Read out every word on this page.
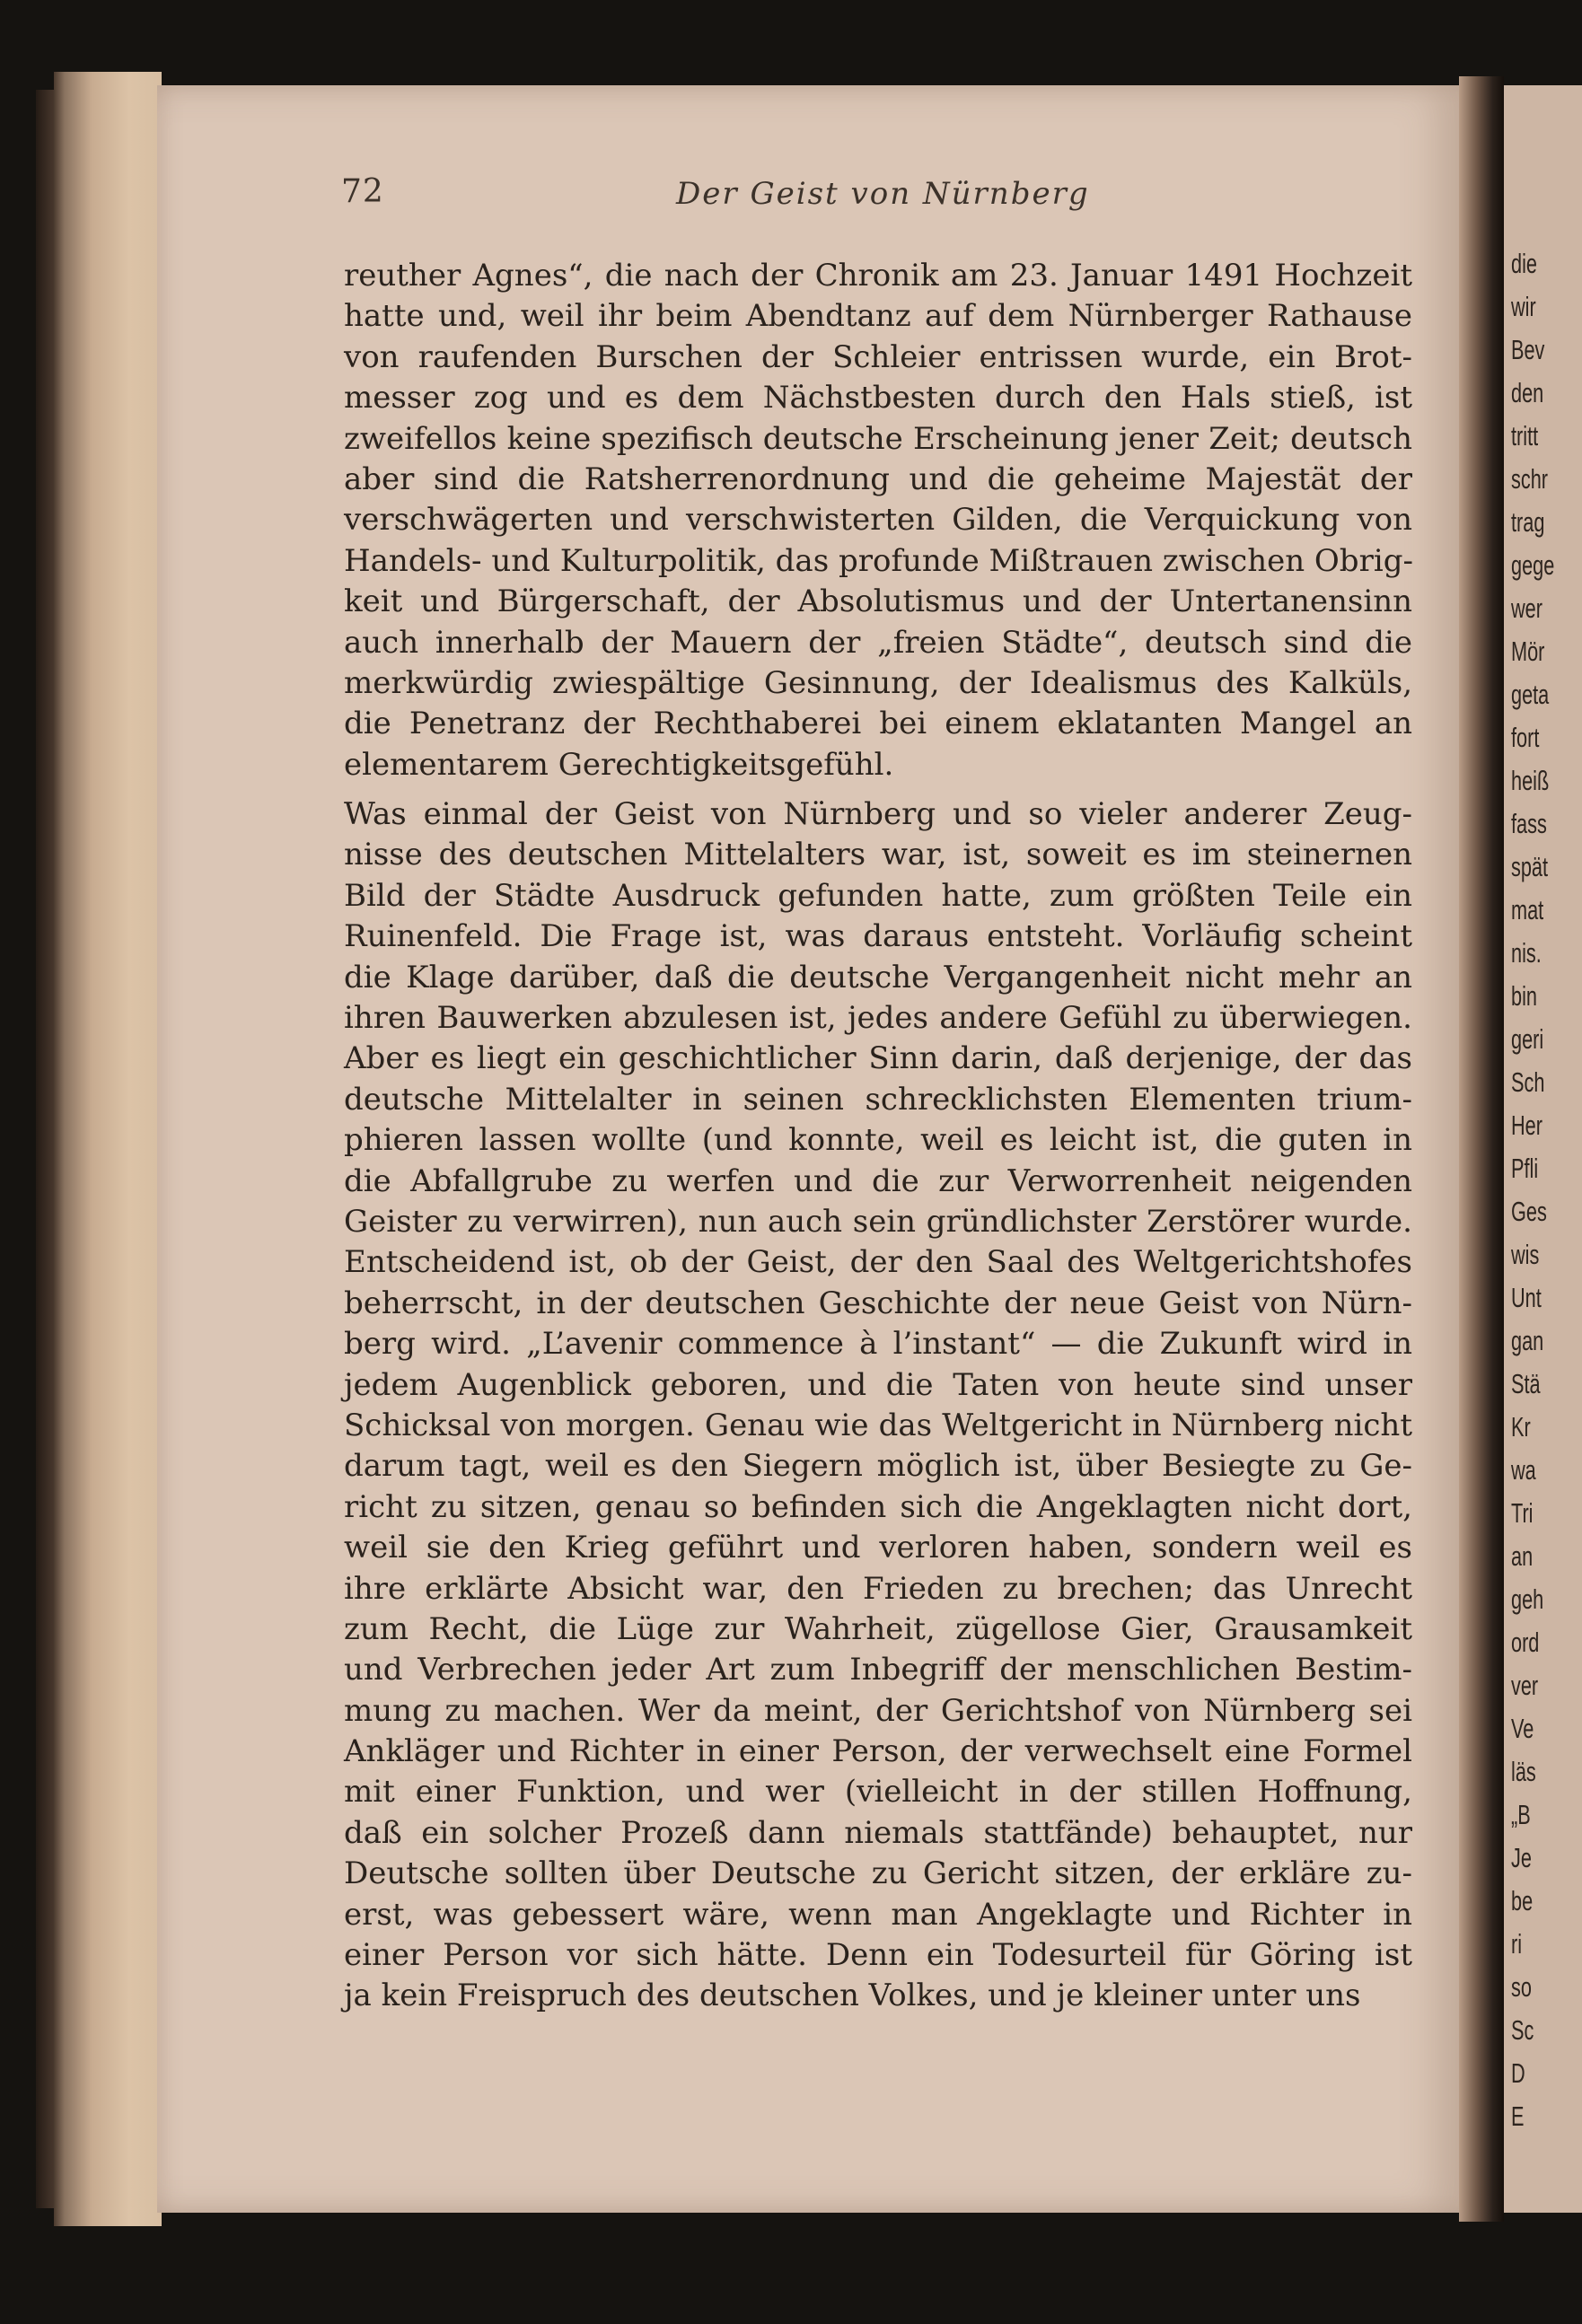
72	Der Geist von Nürnberg
reuther Agnes“, die nach der Chronik am 23. Januar 1491 Hochzeit
hatte und, weil ihr beim Abendtanz auf dem Nürnberger Rathause
von raufenden Burschen der Schleier entrissen wurde, ein Brot-
messer zog und es dem Nächstbesten durch den Hals stieß, ist
zweifellos keine spezifisch deutsche Erscheinung jener Zeit; deutsch
aber sind die Ratsherrenordnung und die geheime Majestät der
verschwägerten und verschwisterten Gilden, die Verquickung von
Handels- und Kulturpolitik, das profunde Mißtrauen zwischen Obrig-
keit und Bürgerschaft, der Absolutismus und der Untertanensinn
auch innerhalb der Mauern der „freien Städte“, deutsch sind die
merkwürdig zwiespältige Gesinnung, der Idealismus des Kalküls,
die Penetranz der Rechthaberei bei einem eklatanten Mangel an
elementarem Gerechtigkeitsgefühl.
Was einmal der Geist von Nürnberg und so vieler anderer Zeug-
nisse des deutschen Mittelalters war, ist, soweit es im steinernen
Bild der Städte Ausdruck gefunden hatte, zum größten Teile ein
Ruinenfeld. Die Frage ist, was daraus entsteht. Vorläufig scheint
die Klage darüber, daß die deutsche Vergangenheit nicht mehr an
ihren Bauwerken abzulesen ist, jedes andere Gefühl zu überwiegen.
Aber es liegt ein geschichtlicher Sinn darin, daß derjenige, der das
deutsche Mittelalter in seinen schrecklichsten Elementen trium-
phieren lassen wollte (und konnte, weil es leicht ist, die guten in
die Abfallgrube zu werfen und die zur Verworrenheit neigenden
Geister zu verwirren), nun auch sein gründlichster Zerstörer wurde.
Entscheidend ist, ob der Geist, der den Saal des Weltgerichtshofes
beherrscht, in der deutschen Geschichte der neue Geist von Nürn-
berg wird. „L’avenir commence à l’instant“ — die Zukunft wird in
jedem Augenblick geboren, und die Taten von heute sind unser
Schicksal von morgen. Genau wie das Weltgericht in Nürnberg nicht
darum tagt, weil es den Siegern möglich ist, über Besiegte zu Ge-
richt zu sitzen, genau so befinden sich die Angeklagten nicht dort,
weil sie den Krieg geführt und verloren haben, sondern weil es
ihre erklärte Absicht war, den Frieden zu brechen; das Unrecht
zum Recht, die Lüge zur Wahrheit, zügellose Gier, Grausamkeit
und Verbrechen jeder Art zum Inbegriff der menschlichen Bestim-
mung zu machen. Wer da meint, der Gerichtshof von Nürnberg sei
Ankläger und Richter in einer Person, der verwechselt eine Formel
mit einer Funktion, und wer (vielleicht in der stillen Hoffnung,
daß ein solcher Prozeß dann niemals stattfände) behauptet, nur
Deutsche sollten über Deutsche zu Gericht sitzen, der erkläre zu-
erst, was gebessert wäre, wenn man Angeklagte und Richter in
einer Person vor sich hätte. Denn ein Todesurteil für Göring ist
ja kein Freispruch des deutschen Volkes, und je kleiner unter uns
die
wir
Bev
den
tritt
schr
trag
gege
wer
Mör
geta
fort
heiß
fass
spät
mat
nis.
bin
geri
Sch
Her
Pfli
Ges
wis
Unt
gan
Stä
Kr
wa
Tri
an
geh
ord
ver
Ve
läs
„B
Je
be
ri
so
Sc
D
E
